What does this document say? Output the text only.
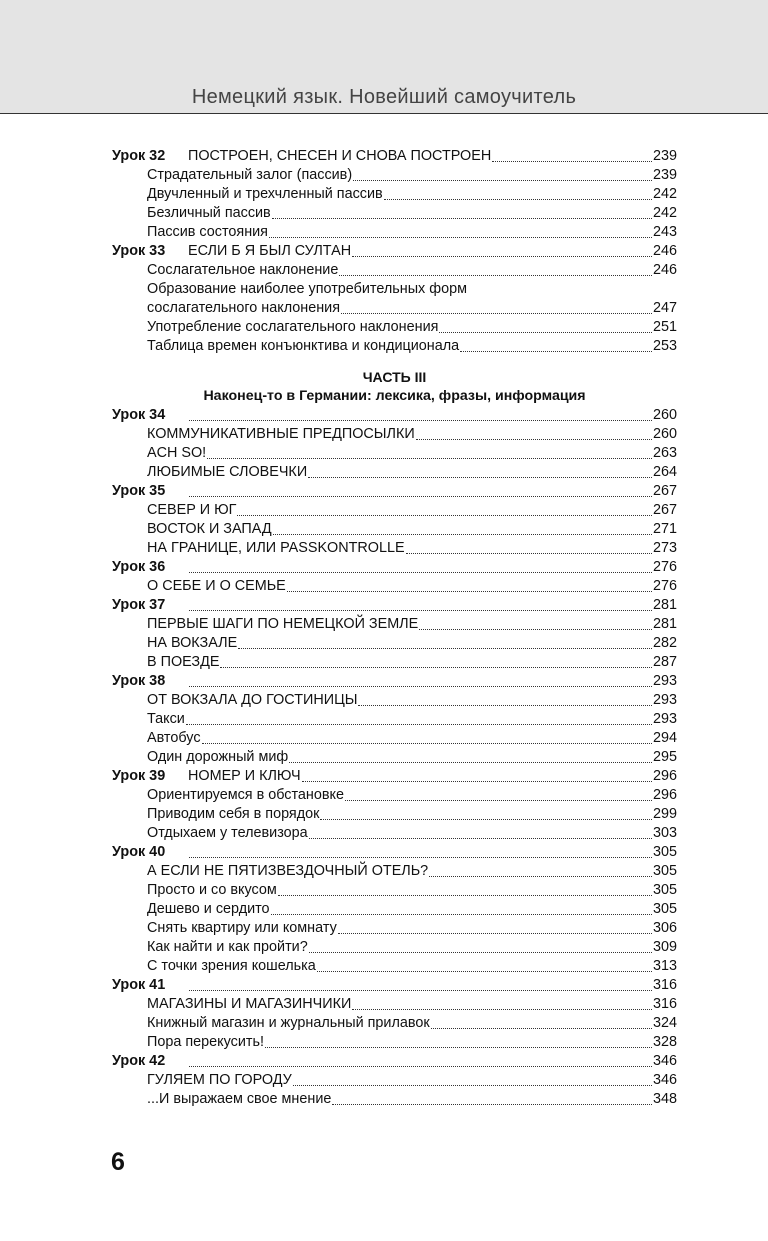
Немецкий язык. Новейший самоучитель
Урок 32	ПОСТРОЕН, СНЕСЕН И СНОВА ПОСТРОЕН	239
Страдательный залог (пассив)	239
Двучленный и трехчленный пассив	242
Безличный пассив	242
Пассив состояния	243
Урок 33	ЕСЛИ Б Я БЫЛ СУЛТАН	246
Сослагательное наклонение	246
Образование наиболее употребительных форм
сослагательного наклонения	247
Употребление сослагательного наклонения	251
Таблица времен конъюнктива и кондиционала	253
ЧАСТЬ III
Наконец-то в Германии: лексика, фразы, информация
Урок 34	260
КОММУНИКАТИВНЫЕ ПРЕДПОСЫЛКИ	260
ACH SO!	263
ЛЮБИМЫЕ СЛОВЕЧКИ	264
Урок 35	267
СЕВЕР И ЮГ	267
ВОСТОК И ЗАПАД	271
НА ГРАНИЦЕ, ИЛИ PASSKONTROLLE	273
Урок 36	276
О СЕБЕ И О СЕМЬЕ	276
Урок 37	281
ПЕРВЫЕ ШАГИ ПО НЕМЕЦКОЙ ЗЕМЛЕ	281
НА ВОКЗАЛЕ	282
В ПОЕЗДЕ	287
Урок 38	293
ОТ ВОКЗАЛА ДО ГОСТИНИЦЫ	293
Такси	293
Автобус	294
Один дорожный миф	295
Урок 39	НОМЕР И КЛЮЧ	296
Ориентируемся в обстановке	296
Приводим себя в порядок	299
Отдыхаем у телевизора	303
Урок 40	305
А ЕСЛИ НЕ ПЯТИЗВЕЗДОЧНЫЙ ОТЕЛЬ?	305
Просто и со вкусом	305
Дешево и сердито	305
Снять квартиру или комнату	306
Как найти и как пройти?	309
С точки зрения кошелька	313
Урок 41	316
МАГАЗИНЫ И МАГАЗИНЧИКИ	316
Книжный магазин и журнальный прилавок	324
Пора перекусить!	328
Урок 42	346
ГУЛЯЕМ ПО ГОРОДУ	346
...И выражаем свое мнение	348
6
